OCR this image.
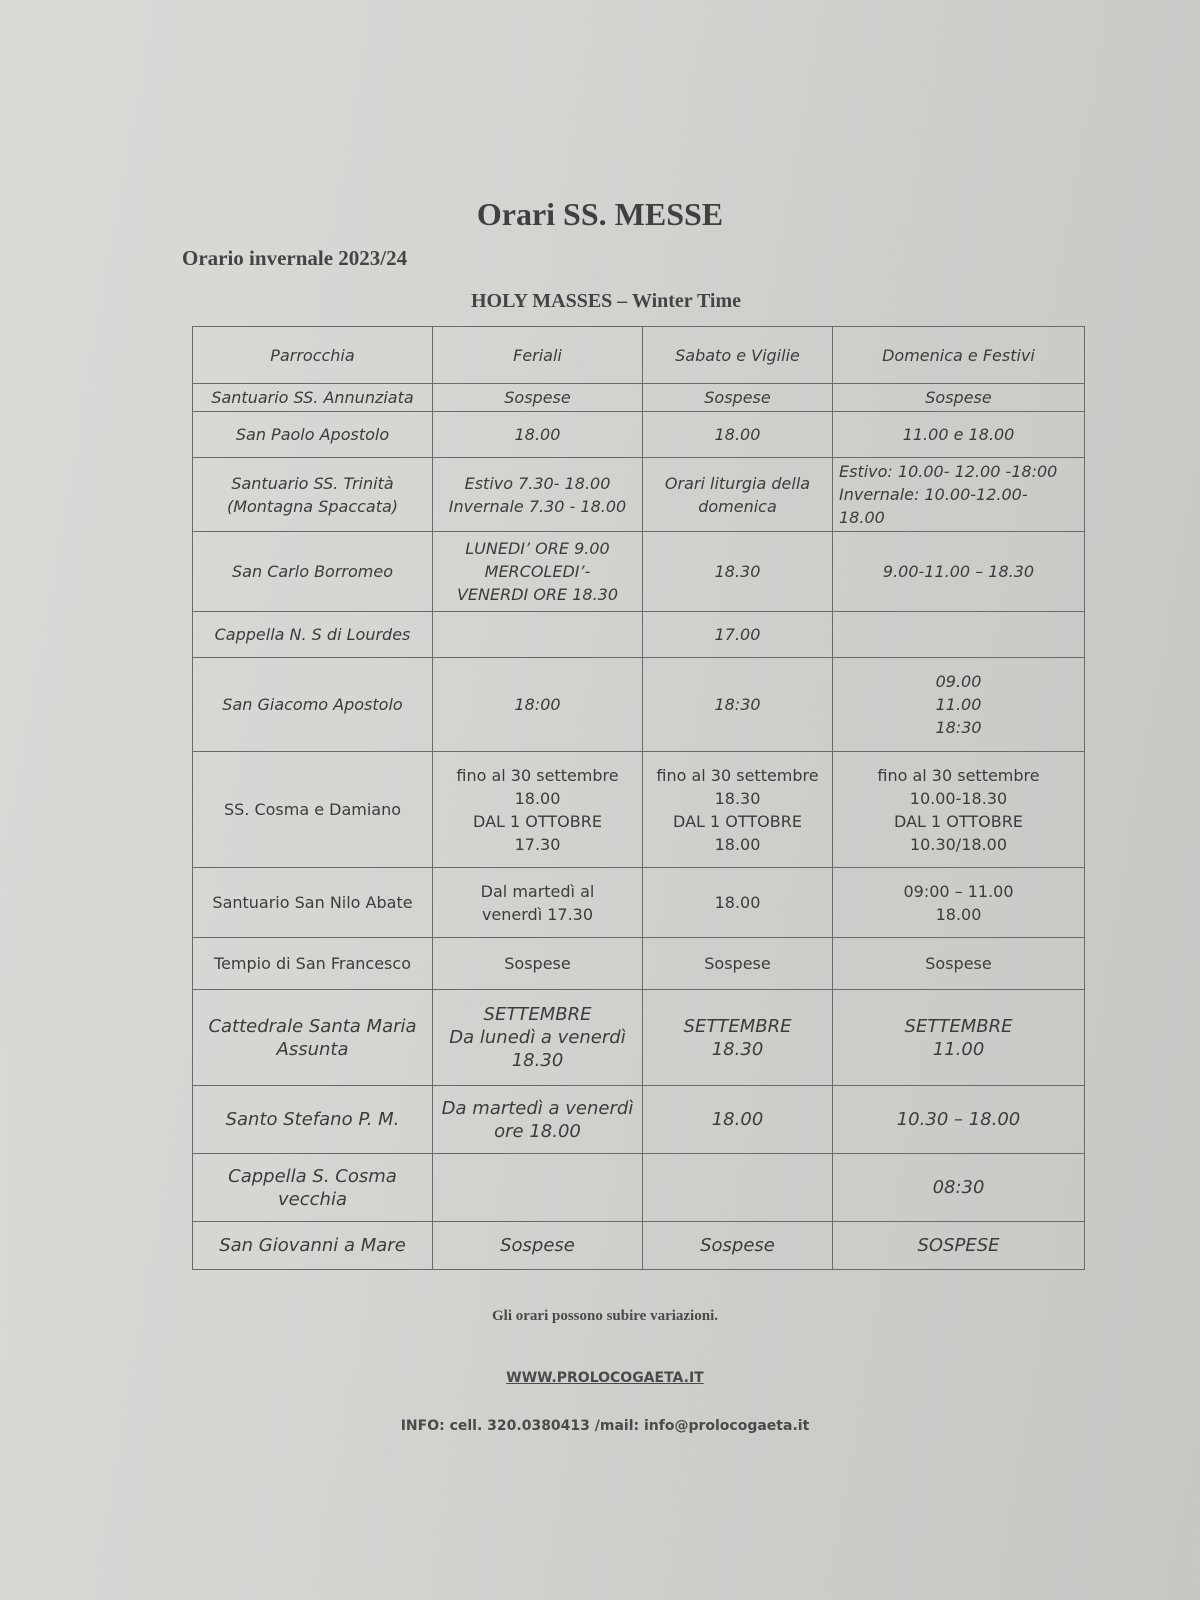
Orari SS. MESSE
Orario invernale 2023/24
HOLY MASSES – Winter Time
Parrocchia	Feriali	Sabato e Vigilie	Domenica e Festivi

Santuario SS. Annunziata	Sospese	Sospese	Sospese

San Paolo Apostolo	18.00	18.00	11.00 e 18.00

Santuario SS. Trinità
(Montagna Spaccata)	Estivo 7.30- 18.00
Invernale 7.30 - 18.00	Orari liturgia della
domenica	Estivo: 10.00- 12.00 -18:00
Invernale: 10.00-12.00-
18.00

San Carlo Borromeo	LUNEDI’ ORE 9.00
MERCOLEDI’-
VENERDI ORE 18.30	18.30	9.00-11.00 – 18.30

Cappella N. S di Lourdes		17.00	

San Giacomo Apostolo	18:00	18:30	09.00
11.00
18:30

SS. Cosma e Damiano	fino al 30 settembre
18.00
DAL 1 OTTOBRE
17.30	fino al 30 settembre
18.30
DAL 1 OTTOBRE
18.00	fino al 30 settembre
10.00-18.30
DAL 1 OTTOBRE
10.30/18.00

Santuario San Nilo Abate	Dal martedì al
venerdì 17.30	18.00	09:00 – 11.00
18.00

Tempio di San Francesco	Sospese	Sospese	Sospese

Cattedrale Santa Maria
Assunta	SETTEMBRE
Da lunedì a venerdì
18.30	SETTEMBRE
18.30	SETTEMBRE
11.00

Santo Stefano P. M.	Da martedì a venerdì
ore 18.00	18.00	10.30 – 18.00

Cappella S. Cosma
vecchia			08:30

San Giovanni a Mare	Sospese	Sospese	SOSPESE
Gli orari possono subire variazioni.
WWW.PROLOCOGAETA.IT
INFO: cell. 320.0380413 /mail: info@prolocogaeta.it
